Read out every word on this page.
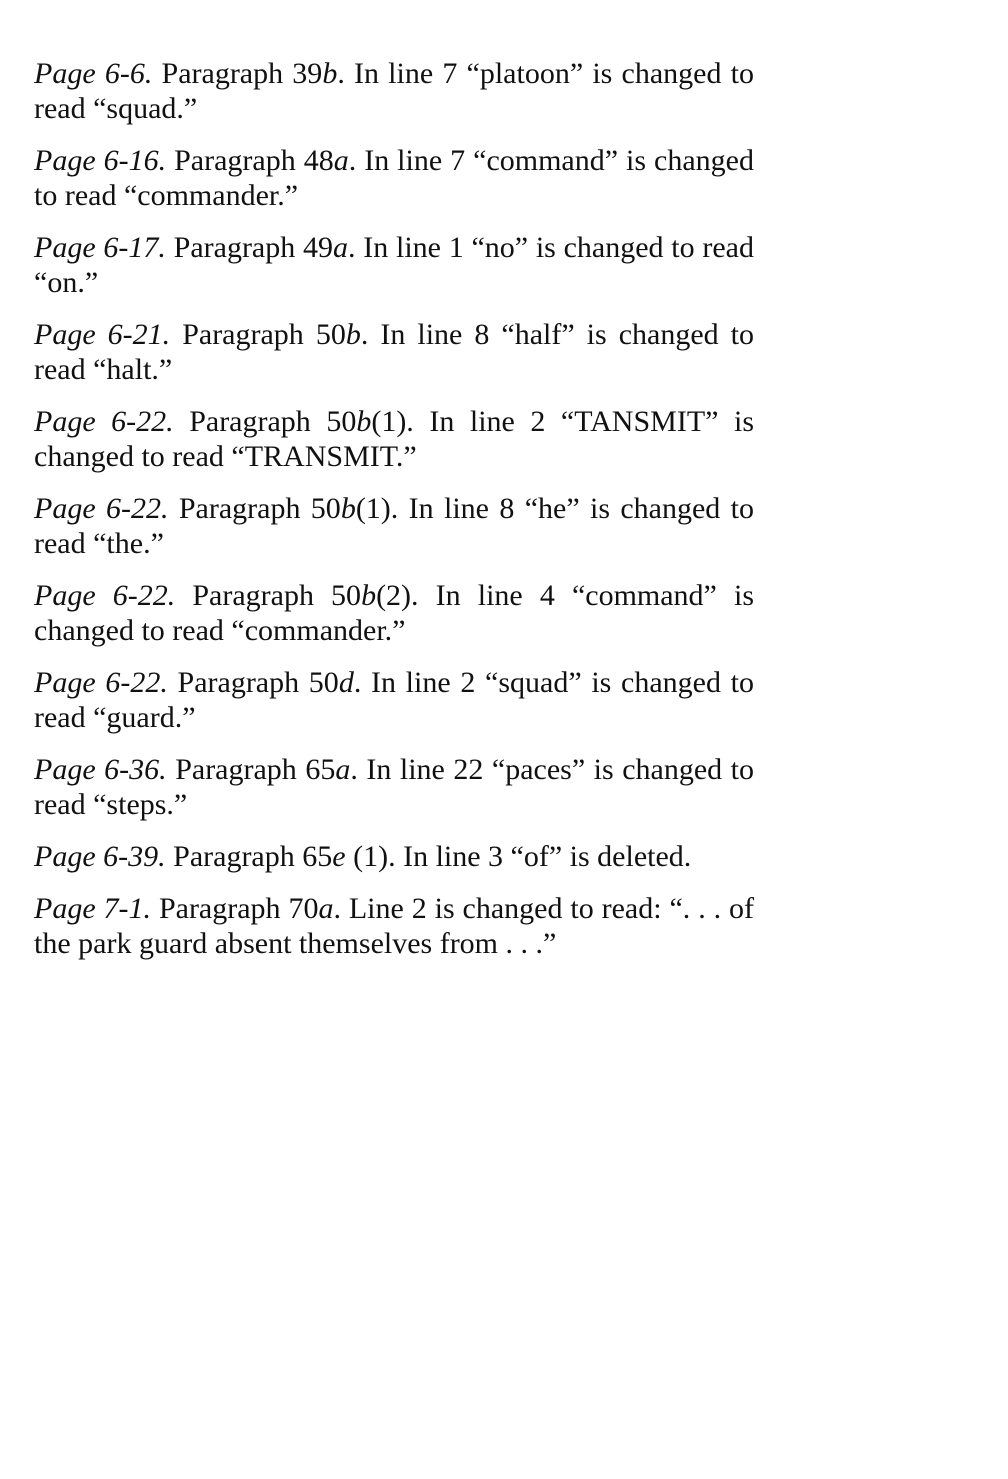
Page 6-6. Paragraph 39b. In line 7 “platoon” is changed to read “squad.”

Page 6-16. Paragraph 48a. In line 7 “command” is changed to read “commander.”

Page 6-17. Paragraph 49a. In line 1 “no” is changed to read “on.”

Page 6-21. Paragraph 50b. In line 8 “half” is changed to read “halt.”

Page 6-22. Paragraph 50b(1). In line 2 “TANSMIT” is changed to read “TRANSMIT.”

Page 6-22. Paragraph 50b(1). In line 8 “he” is changed to read “the.”

Page 6-22. Paragraph 50b(2). In line 4 “command” is changed to read “commander.”

Page 6-22. Paragraph 50d. In line 2 “squad” is changed to read “guard.”

Page 6-36. Paragraph 65a. In line 22 “paces” is changed to read “steps.”

Page 6-39. Paragraph 65e (1). In line 3 “of” is deleted.

Page 7-1. Paragraph 70a. Line 2 is changed to read: “. . . of the park guard absent themselves from . . .”
